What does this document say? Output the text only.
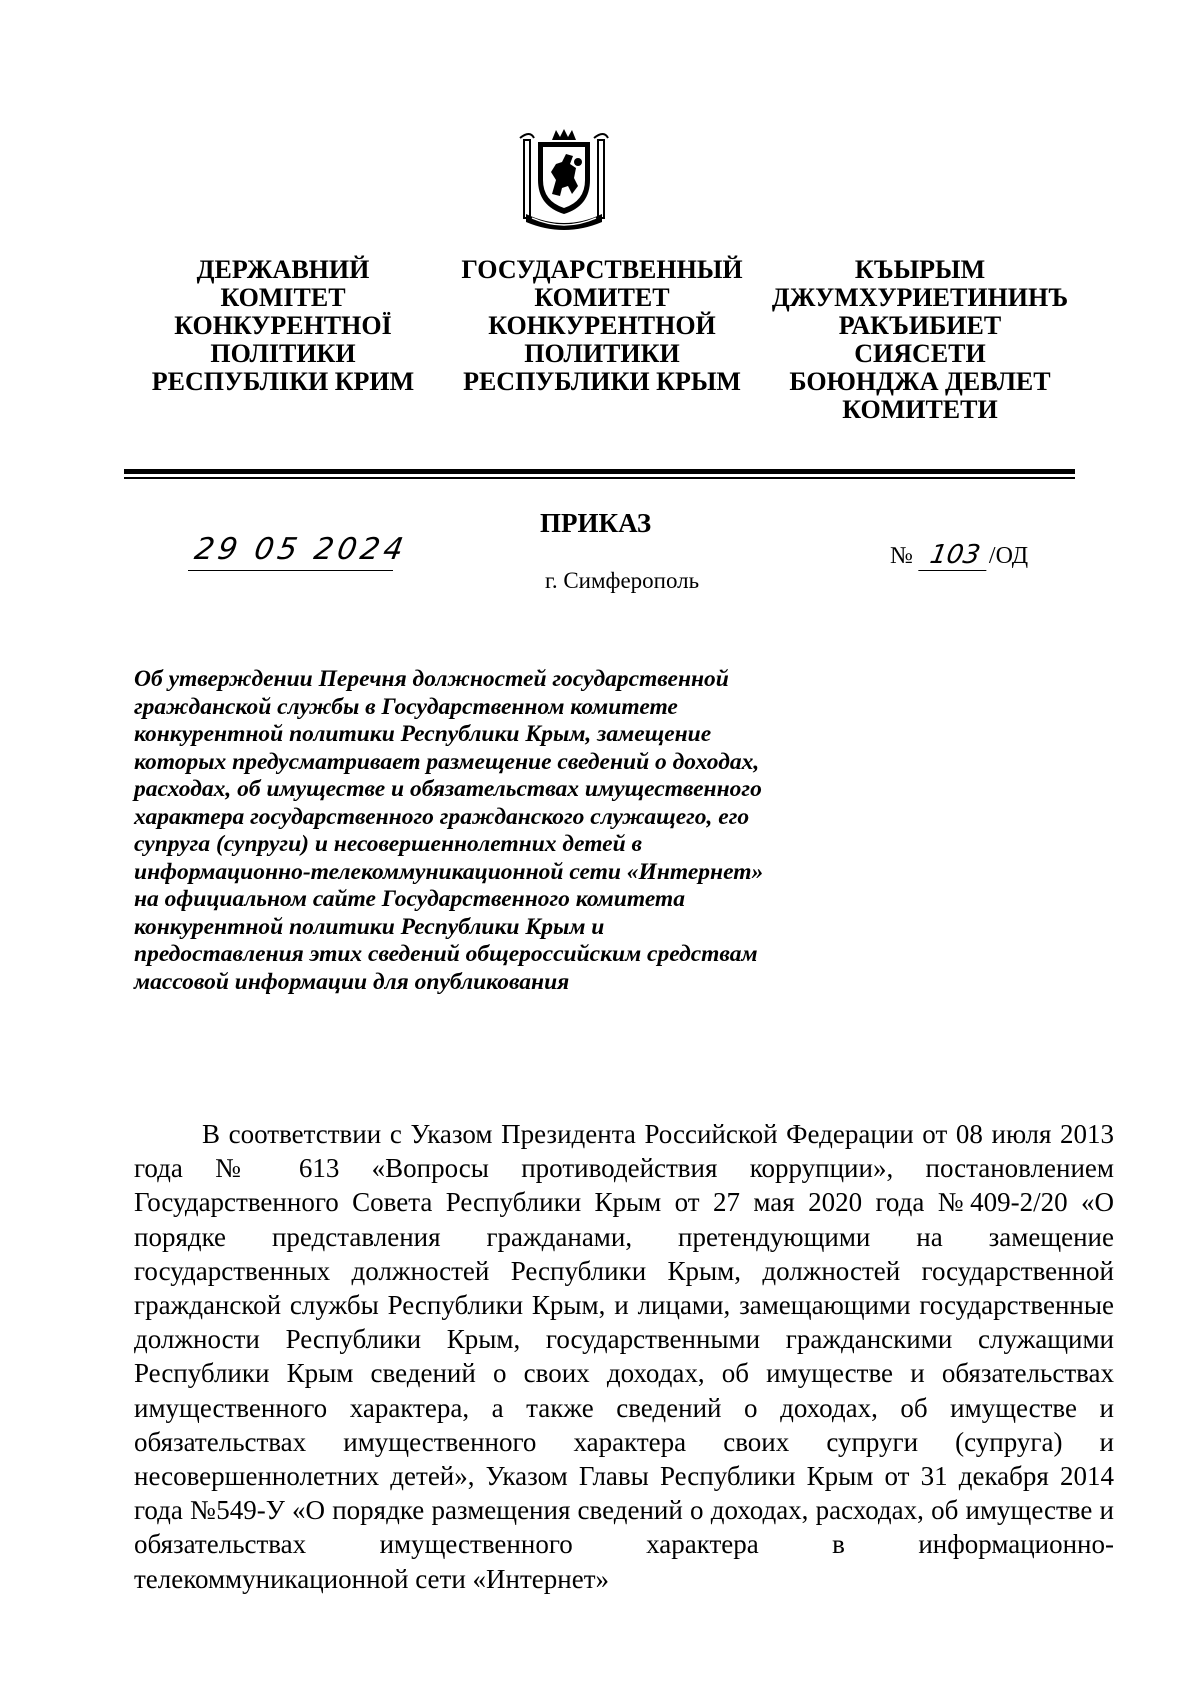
ДЕРЖАВНИЙ
КОМІТЕТ
КОНКУРЕНТНОЇ
ПОЛІТИКИ
РЕСПУБЛІКИ КРИМ
ГОСУДАРСТВЕННЫЙ
КОМИТЕТ
КОНКУРЕНТНОЙ
ПОЛИТИКИ
РЕСПУБЛИКИ КРЫМ
КЪЫРЫМ
ДЖУМХУРИЕТИНИНЪ
РАКЪИБИЕТ СИЯСЕТИ
БОЮНДЖА ДЕВЛЕТ
КОМИТЕТИ
ПРИКАЗ
29 05 2024	№ 103 /ОД
г. Симферополь

Об утверждении Перечня должностей государственной гражданской службы в Государственном комитете конкурентной политики Республики Крым, замещение которых предусматривает размещение сведений о доходах, расходах, об имуществе и обязательствах имущественного характера государственного гражданского служащего, его супруга (супруги) и несовершеннолетних детей в информационно-телекоммуникационной сети «Интернет» на официальном сайте Государственного комитета конкурентной политики Республики Крым и предоставления этих сведений общероссийским средствам массовой информации для опубликования

В соответствии с Указом Президента Российской Федерации от 08 июля 2013 года № 613 «Вопросы противодействия коррупции», постановлением Государственного Совета Республики Крым от 27 мая 2020 года №409-2/20 «О порядке представления гражданами, претендующими на замещение государственных должностей Республики Крым, должностей государственной гражданской службы Республики Крым, и лицами, замещающими государственные должности Республики Крым, государственными гражданскими служащими Республики Крым сведений о своих доходах, об имуществе и обязательствах имущественного характера, а также сведений о доходах, об имуществе и обязательствах имущественного характера своих супруги (супруга) и несовершеннолетних детей», Указом Главы Республики Крым от 31 декабря 2014 года №549-У «О порядке размещения сведений о доходах, расходах, об имуществе и обязательствах имущественного характера в информационно-телекоммуникационной сети «Интернет»
